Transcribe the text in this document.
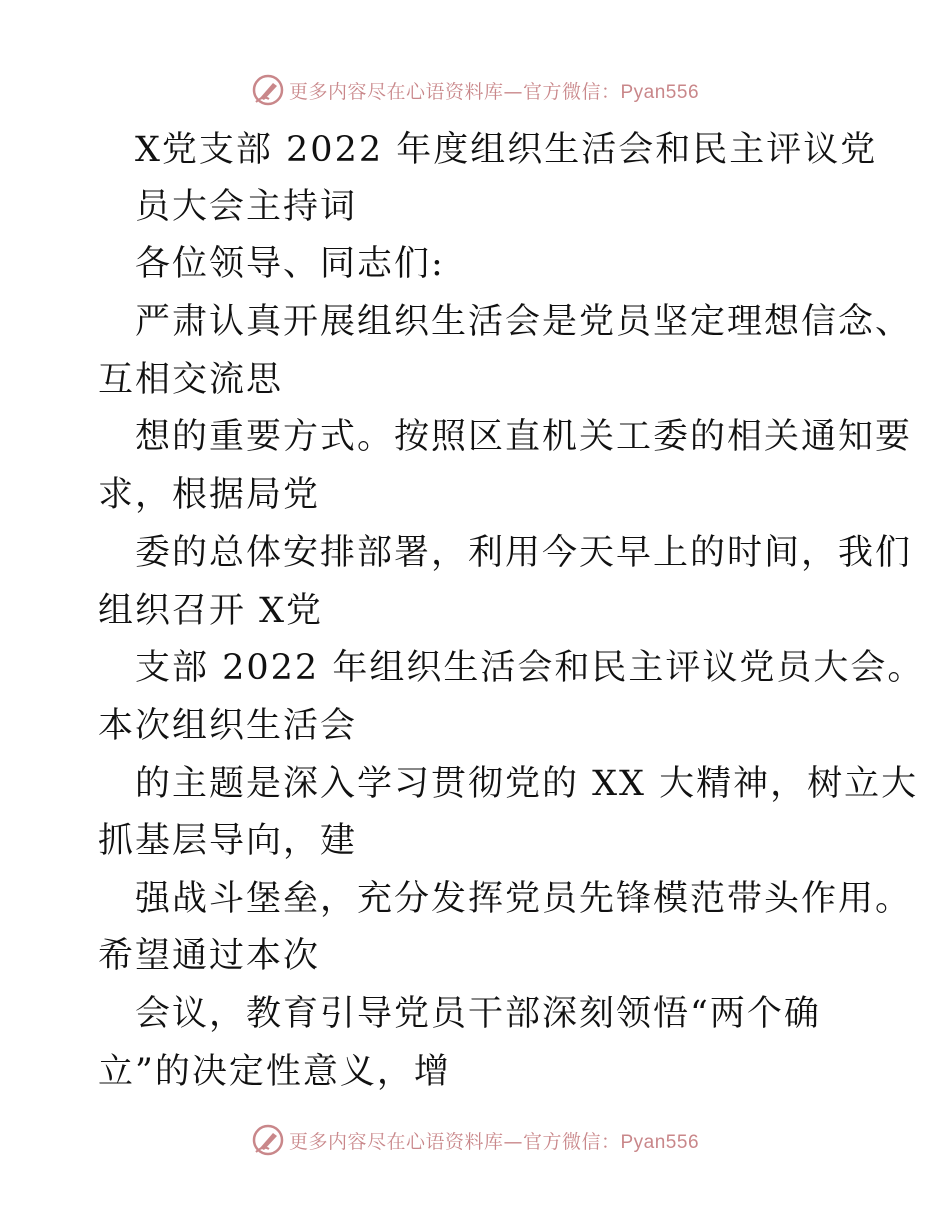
更多内容尽在心语资料库—官方微信：Pyan556
X党支部 2022 年度组织生活会和民主评议党
员大会主持词
各位领导、同志们:
严肃认真开展组织生活会是党员坚定理想信念、
互相交流思
想的重要方式。按照区直机关工委的相关通知要
求，根据局党
委的总体安排部署，利用今天早上的时间，我们
组织召开 X党
支部 2022 年组织生活会和民主评议党员大会。
本次组织生活会
的主题是深入学习贯彻党的 XX 大精神，树立大
抓基层导向，建
强战斗堡垒，充分发挥党员先锋模范带头作用。
希望通过本次
会议，教育引导党员干部深刻领悟“两个确
立”的决定性意义，增
更多内容尽在心语资料库—官方微信：Pyan556
